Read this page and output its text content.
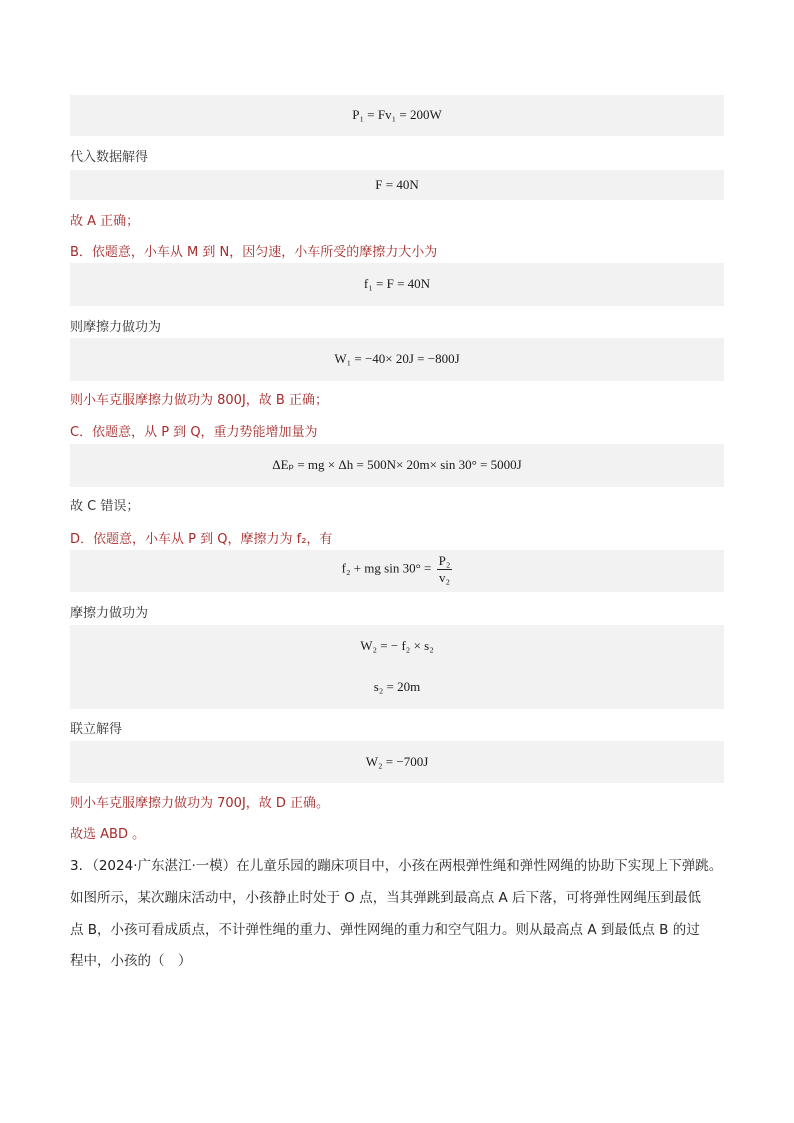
P₁ = Fv₁ = 200W
代入数据解得
F = 40N
故 A 正确；
B．依题意，小车从 M 到 N，因匀速，小车所受的摩擦力大小为
f₁ = F = 40N
则摩擦力做功为
W₁ = −40× 20J = −800J
则小车克服摩擦力做功为 800J，故 B 正确；
C．依题意，从 P 到 Q，重力势能增加量为
ΔEₚ = mg × Δh = 500N× 20m× sin 30° = 5000J
故 C 错误；
D．依题意，小车从 P 到 Q，摩擦力为 f₂，有
f₂ + mg $\sin 30^\circ = \frac{\text{P₂}}{\text{v₂}}$
摩擦力做功为
W₂ = − f₂ × s₂
s₂ = 20m
联立解得
W₂ = −700J
则小车克服摩擦力做功为 700J，故 D 正确。
故选 ABD 。
3．（2024·广东湛江·一模）在儿童乐园的蹦床项目中，小孩在两根弹性绳和弹性网绳的协助下实现上下弹跳。
如图所示，某次蹦床活动中，小孩静止时处于 O 点，当其弹跳到最高点 A 后下落，可将弹性网绳压到最低
点 B，小孩可看成质点，不计弹性绳的重力、弹性网绳的重力和空气阻力。则从最高点 A 到最低点 B 的过
程中，小孩的（　）
